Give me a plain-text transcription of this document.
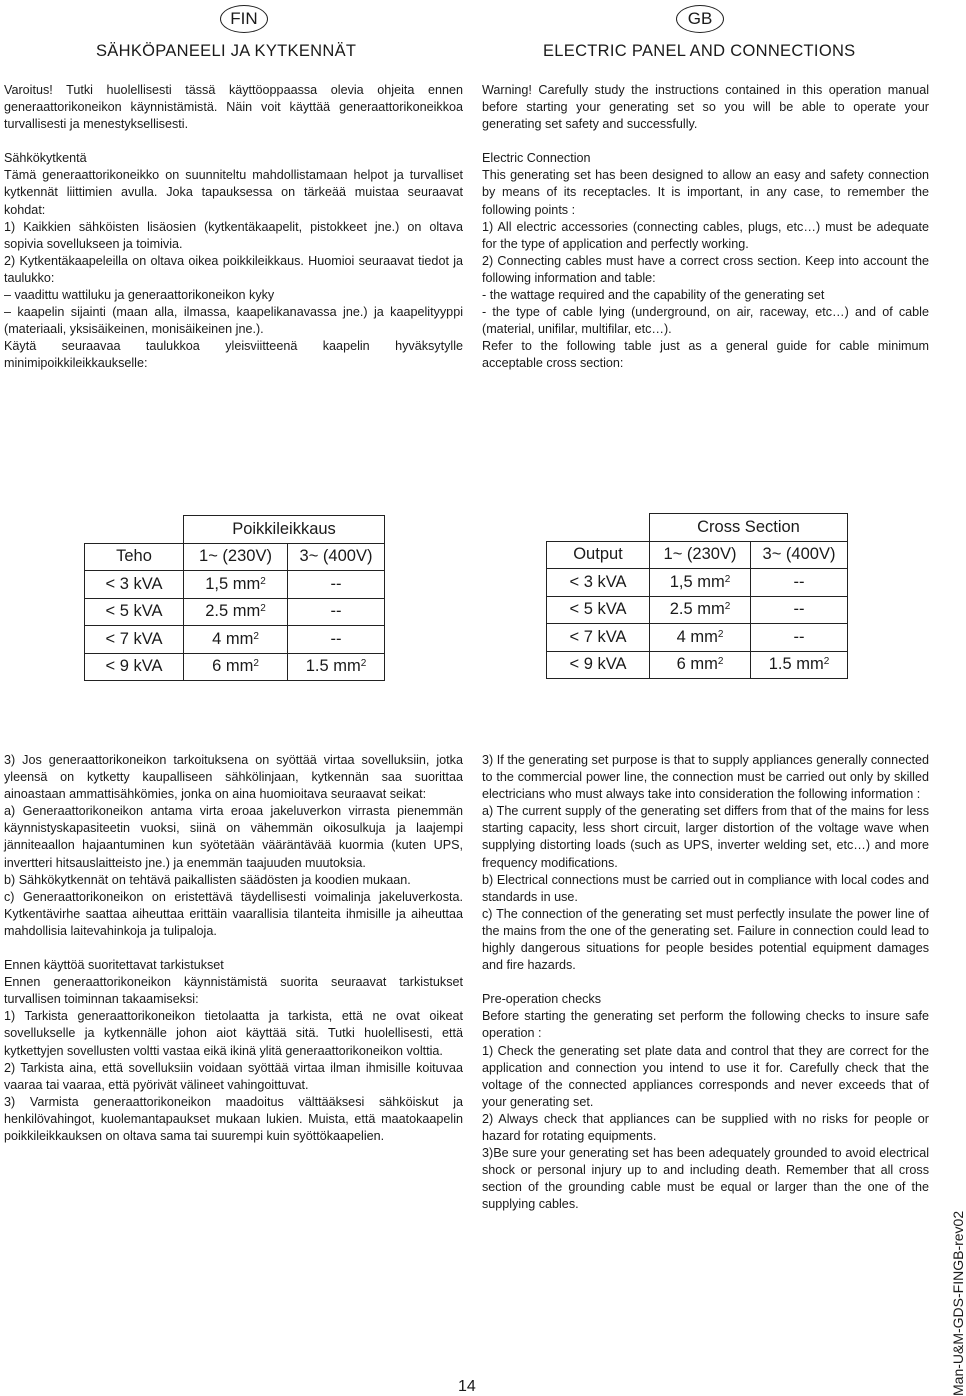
FIN	GB
SÄHKÖPANEELI JA KYTKENNÄT	ELECTRIC PANEL AND CONNECTIONS

Varoitus! Tutki huolellisesti tässä käyttöoppaassa olevia ohjeita ennen generaattorikoneikon käynnistämistä. Näin voit käyttää generaattorikoneikkoa turvallisesti ja menestyksellisesti.

Sähkökytkentä

Tämä generaattorikoneikko on suunniteltu mahdollistamaan helpot ja turvalliset kytkennät liittimien avulla. Joka tapauksessa on tärkeää muistaa seuraavat kohdat:

1) Kaikkien sähköisten lisäosien (kytkentäkaapelit, pistokkeet jne.) on oltava sopivia sovellukseen ja toimivia.

2) Kytkentäkaapeleilla on oltava oikea poikkileikkaus. Huomioi seuraavat tiedot ja taulukko:

– vaadittu wattiluku ja generaattorikoneikon kyky

– kaapelin sijainti (maan alla, ilmassa, kaapelikanavassa jne.) ja kaapelityyppi (materiaali, yksisäikeinen, monisäikeinen jne.).

Käytä seuraavaa taulukkoa yleisviitteenä kaapelin hyväksytylle minimipoikkileikkaukselle:

Warning! Carefully study the instructions contained in this operation manual before starting your generating set so you will be able to operate your generating set safety and successfully.

Electric Connection

This generating set has been designed to allow an easy and safety connection by means of its receptacles. It is important, in any case, to remember the following points :

1) All electric accessories (connecting cables, plugs, etc…) must be adequate for the type of application and perfectly working.

2) Connecting cables must have a correct cross section. Keep into account the following information and table:

- the wattage required and the capability of the generating set

- the type of cable lying (underground, on air, raceway, etc…) and of cable (material, unifilar, multifilar, etc…).

Refer to the following table just as a general guide for cable minimum acceptable cross section:

	Poikkileikkaus	
Teho	1~ (230V)	3~ (400V)
< 3 kVA	1,5 $mm^2$	--
< 5 kVA	2.5 $mm^2$	--
< 7 kVA	4 $mm^2$	--
< 9 kVA	6 $mm^2$	1.5 $mm^2$
	Cross Section	
Output	1~ (230V)	3~ (400V)
< 3 kVA	1,5 $mm^2$	--
< 5 kVA	2.5 $mm^2$	--
< 7 kVA	4 $mm^2$	--
< 9 kVA	6 $mm^2$	1.5 $mm^2$

3) Jos generaattorikoneikon tarkoituksena on syöttää virtaa sovelluksiin, jotka yleensä on kytketty kaupalliseen sähkölinjaan, kytkennän saa suorittaa ainoastaan ammattisähkömies, jonka on aina huomioitava seuraavat seikat:

a) Generaattorikoneikon antama virta eroaa jakeluverkon virrasta pienemmän käynnistyskapasiteetin vuoksi, siinä on vähemmän oikosulkuja ja laajempi jänniteaallon hajaantuminen kun syötetään vääräntävää kuormia (kuten UPS, invertteri hitsauslaitteisto jne.) ja enemmän taajuuden muutoksia.

b) Sähkökytkennät on tehtävä paikallisten säädösten ja koodien mukaan.

c) Generaattorikoneikon on eristettävä täydellisesti voimalinja jakeluverkosta. Kytkentävirhe saattaa aiheuttaa erittäin vaarallisia tilanteita ihmisille ja aiheuttaa mahdollisia laitevahinkoja ja tulipaloja.

Ennen käyttöä suoritettavat tarkistukset

Ennen generaattorikoneikon käynnistämistä suorita seuraavat tarkistukset turvallisen toiminnan takaamiseksi:

1) Tarkista generaattorikoneikon tietolaatta ja tarkista, että ne ovat oikeat sovellukselle ja kytkennälle johon aiot käyttää sitä. Tutki huolellisesti, että kytkettyjen sovellusten voltti vastaa eikä ikinä ylitä generaattorikoneikon volttia.

2) Tarkista aina, että sovelluksiin voidaan syöttää virtaa ilman ihmisille koituvaa vaaraa tai vaaraa, että pyörivät välineet vahingoittuvat.

3) Varmista generaattorikoneikon maadoitus välttääksesi sähköiskut ja henkilövahingot, kuolemantapaukset mukaan lukien. Muista, että maatokaapelin poikkileikkauksen on oltava sama tai suurempi kuin syöttökaapelien.

3) If the generating set purpose is that to supply appliances generally connected to the commercial power line, the connection must be carried out only by skilled electricians who must always take into consideration the following information :

a) The current supply of the generating set differs from that of the mains for less starting capacity, less short circuit, larger distortion of the voltage wave when supplying distorting loads (such as UPS, inverter welding set, etc…) and more frequency modifications.

b) Electrical connections must be carried out in compliance with local codes and standards in use.

c) The connection of the generating set must perfectly insulate the power line of the mains from the one of the generating set. Failure in connection could lead to highly dangerous situations for people besides potential equipment damages and fire hazards.

Pre-operation checks

Before starting the generating set perform the following checks to insure safe operation :

1) Check the generating set plate data and control that they are correct for the application and connection you intend to use it for. Carefully check that the voltage of the connected appliances corresponds and never exceeds that of your generating set.

2) Always check that appliances can be supplied with no risks for people or hazard for rotating equipments.

3)Be sure your generating set has been adequately grounded to avoid electrical shock or personal injury up to and including death. Remember that all cross section of the grounding cable must be equal or larger than the one of the supplying cables.

14	Man-U&M-GDS-FINGB-rev02
